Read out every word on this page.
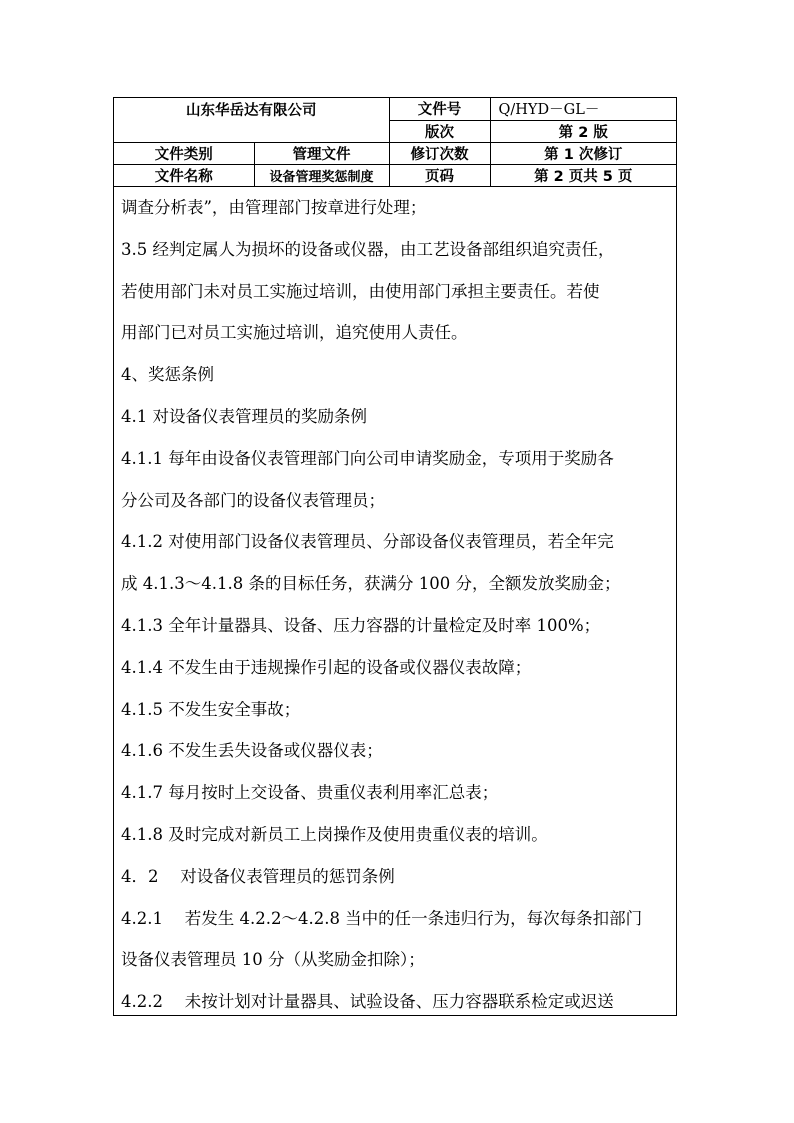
山东华岳达有限公司	文件号	Q/HYD－GL－
	版次	第 2 版
文件类别	管理文件	修订次数	第 1 次修订
文件名称	设备管理奖惩制度	页码	第 2 页共 5 页

调查分析表”，由管理部门按章进行处理；

3.5 经判定属人为损坏的设备或仪器，由工艺设备部组织追究责任，

若使用部门未对员工实施过培训，由使用部门承担主要责任。若使

用部门已对员工实施过培训，追究使用人责任。

4、奖惩条例

4.1 对设备仪表管理员的奖励条例

4.1.1 每年由设备仪表管理部门向公司申请奖励金，专项用于奖励各

分公司及各部门的设备仪表管理员；

4.1.2 对使用部门设备仪表管理员、分部设备仪表管理员，若全年完

成 4.1.3～4.1.8 条的目标任务，获满分 100 分，全额发放奖励金；

4.1.3 全年计量器具、设备、压力容器的计量检定及时率 100%；

4.1.4 不发生由于违规操作引起的设备或仪器仪表故障；

4.1.5 不发生安全事故；

4.1.6 不发生丢失设备或仪器仪表；

4.1.7 每月按时上交设备、贵重仪表利用率汇总表；

4.1.8 及时完成对新员工上岗操作及使用贵重仪表的培训。

4．2　 对设备仪表管理员的惩罚条例

4.2.1　 若发生 4.2.2～4.2.8 当中的任一条违归行为，每次每条扣部门

设备仪表管理员 10 分（从奖励金扣除）；

4.2.2　 未按计划对计量器具、试验设备、压力容器联系检定或迟送
